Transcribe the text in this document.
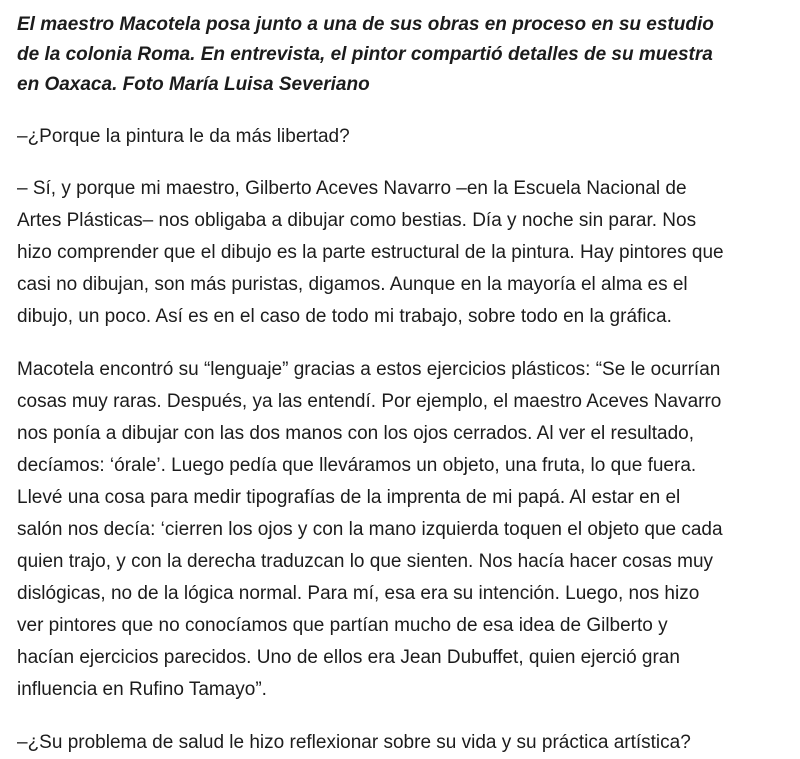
El maestro Macotela posa junto a una de sus obras en proceso en su estudio
de la colonia Roma. En entrevista, el pintor compartió detalles de su muestra
en Oaxaca. Foto María Luisa Severiano

–¿Porque la pintura le da más libertad?

– Sí, y porque mi maestro, Gilberto Aceves Navarro –en la Escuela Nacional de
Artes Plásticas– nos obligaba a dibujar como bestias. Día y noche sin parar. Nos
hizo comprender que el dibujo es la parte estructural de la pintura. Hay pintores que
casi no dibujan, son más puristas, digamos. Aunque en la mayoría el alma es el
dibujo, un poco. Así es en el caso de todo mi trabajo, sobre todo en la gráfica.

Macotela encontró su “lenguaje” gracias a estos ejercicios plásticos: “Se le ocurrían
cosas muy raras. Después, ya las entendí. Por ejemplo, el maestro Aceves Navarro
nos ponía a dibujar con las dos manos con los ojos cerrados. Al ver el resultado,
decíamos: ‘órale’. Luego pedía que lleváramos un objeto, una fruta, lo que fuera.
Llevé una cosa para medir tipografías de la imprenta de mi papá. Al estar en el
salón nos decía: ‘cierren los ojos y con la mano izquierda toquen el objeto que cada
quien trajo, y con la derecha traduzcan lo que sienten. Nos hacía hacer cosas muy
dislógicas, no de la lógica normal. Para mí, esa era su intención. Luego, nos hizo
ver pintores que no conocíamos que partían mucho de esa idea de Gilberto y
hacían ejercicios parecidos. Uno de ellos era Jean Dubuffet, quien ejerció gran
influencia en Rufino Tamayo”.

–¿Su problema de salud le hizo reflexionar sobre su vida y su práctica artística?
